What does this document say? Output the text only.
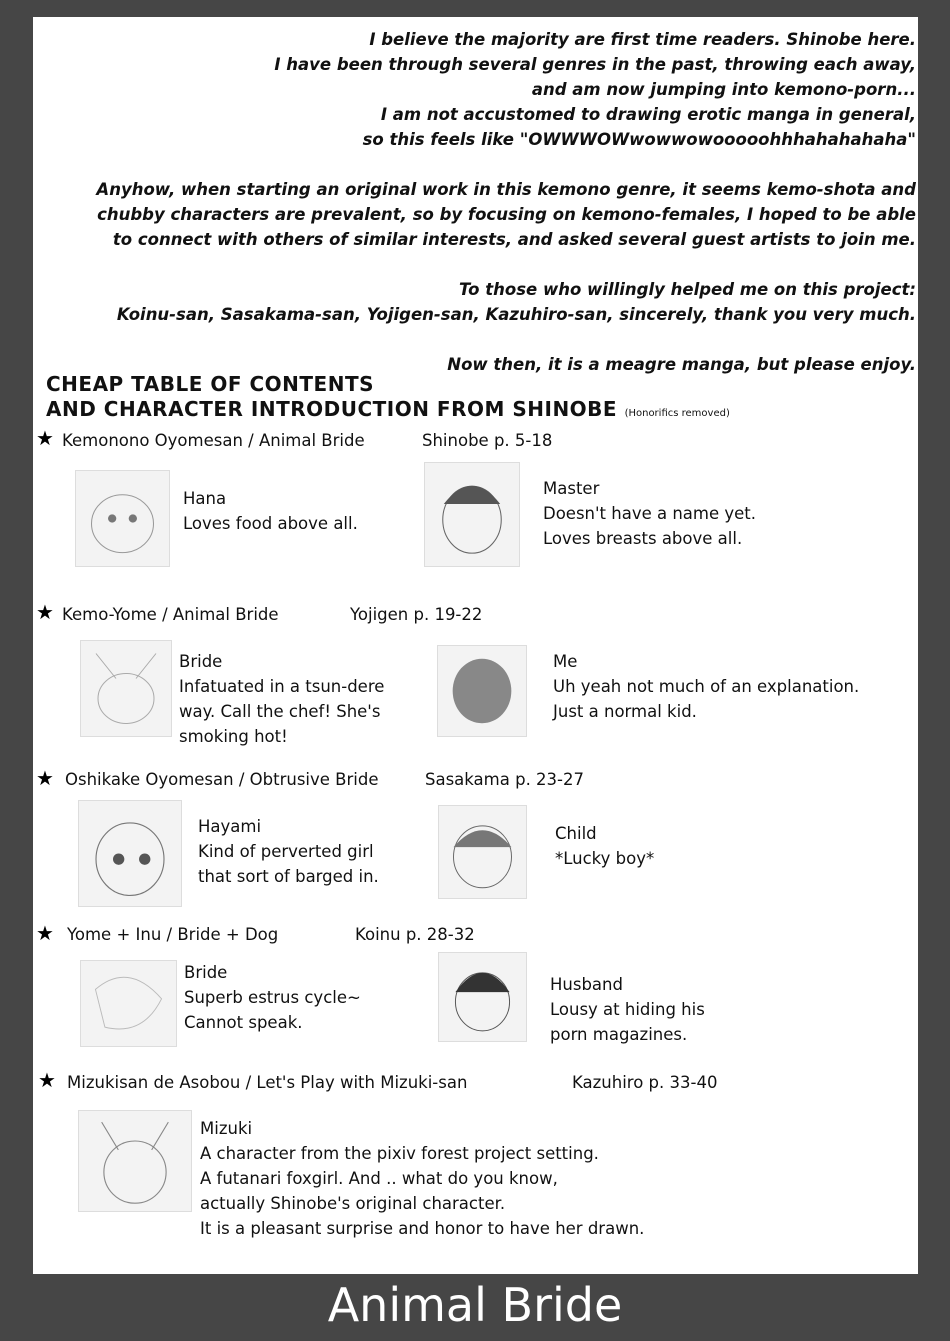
I believe the majority are first time readers. Shinobe here.
I have been through several genres in the past, throwing each away,
and am now jumping into kemono-porn...
I am not accustomed to drawing erotic manga in general,
so this feels like "OWWWOWwowwowooooohhhahahahaha"
Anyhow, when starting an original work in this kemono genre, it seems kemo-shota and
chubby characters are prevalent, so by focusing on kemono-females, I hoped to be able
to connect with others of similar interests, and asked several guest artists to join me.
To those who willingly helped me on this project:
Koinu-san, Sasakama-san, Yojigen-san, Kazuhiro-san, sincerely, thank you very much.
Now then, it is a meagre manga, but please enjoy.
CHEAP TABLE OF CONTENTS
AND CHARACTER INTRODUCTION FROM SHINOBE (Honorifics removed)
★ Kemonono Oyomesan / Animal Bride	Shinobe p. 5-18
Hana
Loves food above all.
Master
Doesn't have a name yet.
Loves breasts above all.
★ Kemo-Yome / Animal Bride	Yojigen p. 19-22
Bride
Infatuated in a tsun-dere
way. Call the chef! She's
smoking hot!
Me
Uh yeah not much of an explanation.
Just a normal kid.
★ Oshikake Oyomesan / Obtrusive Bride	Sasakama p. 23-27
Hayami
Kind of perverted girl
that sort of barged in.
Child
*Lucky boy*
★ Yome + Inu / Bride + Dog	Koinu p. 28-32
Bride
Superb estrus cycle~
Cannot speak.
Husband
Lousy at hiding his
porn magazines.
★ Mizukisan de Asobou / Let's Play with Mizuki-san	Kazuhiro p. 33-40
Mizuki
A character from the pixiv forest project setting.
A futanari foxgirl. And .. what do you know,
actually Shinobe's original character.
It is a pleasant surprise and honor to have her drawn.
Animal Bride
